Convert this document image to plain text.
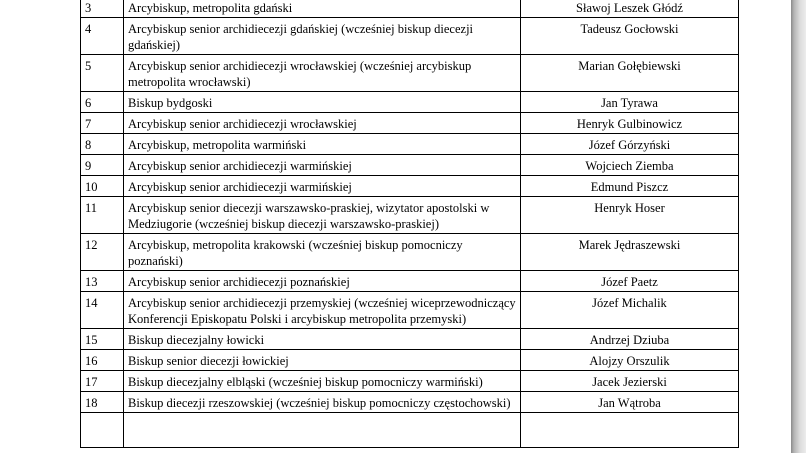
3	Arcybiskup, metropolita gdański	Sławoj Leszek Głódź
4	Arcybiskup senior archidiecezji gdańskiej (wcześniej biskup diecezji gdańskiej)	Tadeusz Gocłowski
5	Arcybiskup senior archidiecezji wrocławskiej (wcześniej arcybiskup metropolita wrocławski)	Marian Gołębiewski
6	Biskup bydgoski	Jan Tyrawa
7	Arcybiskup senior archidiecezji wrocławskiej	Henryk Gulbinowicz
8	Arcybiskup, metropolita warmiński	Józef Górzyński
9	Arcybiskup senior archidiecezji warmińskiej	Wojciech Ziemba
10	Arcybiskup senior archidiecezji warmińskiej	Edmund Piszcz
11	Arcybiskup senior diecezji warszawsko-praskiej, wizytator apostolski w Medziugorie (wcześniej biskup diecezji warszawsko-praskiej)	Henryk Hoser
12	Arcybiskup, metropolita krakowski (wcześniej biskup pomocniczy poznański)	Marek Jędraszewski
13	Arcybiskup senior archidiecezji poznańskiej	Józef Paetz
14	Arcybiskup senior archidiecezji przemyskiej (wcześniej wiceprzewodniczący Konferencji Episkopatu Polski i arcybiskup metropolita przemyski)	Józef Michalik
15	Biskup diecezjalny łowicki	Andrzej Dziuba
16	Biskup senior diecezji łowickiej	Alojzy Orszulik
17	Biskup diecezjalny elbląski (wcześniej biskup pomocniczy warmiński)	Jacek Jezierski
18	Biskup diecezji rzeszowskiej (wcześniej biskup pomocniczy częstochowski)	Jan Wątroba
